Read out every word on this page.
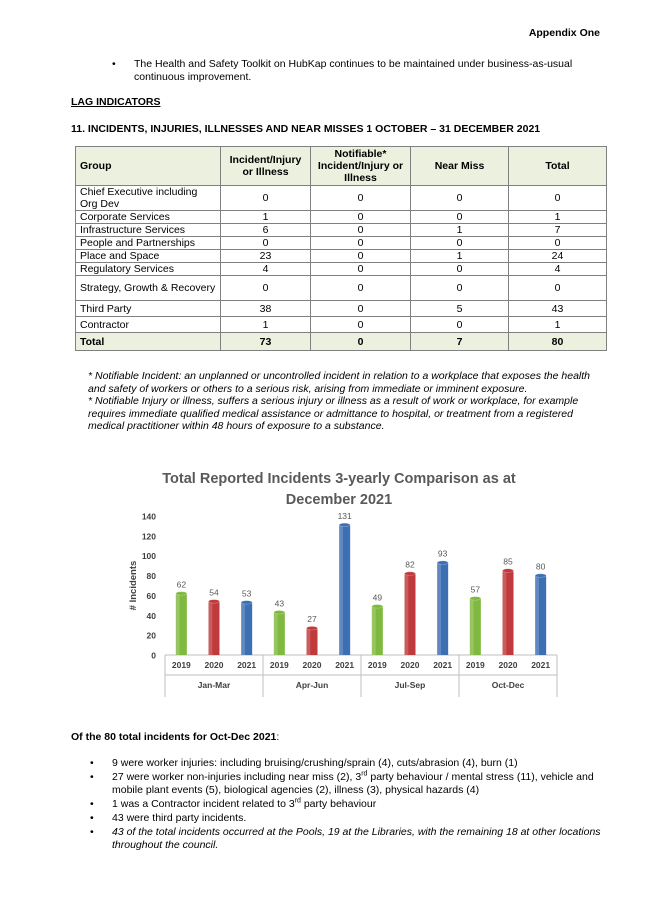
Appendix One
• The Health and Safety Toolkit on HubKap continues to be maintained under business-as-usual continuous improvement.
LAG INDICATORS
11. INCIDENTS, INJURIES, ILLNESSES AND NEAR MISSES 1 OCTOBER – 31 DECEMBER 2021
Group	Incident/Injury or Illness	Notifiable* Incident/Injury or Illness	Near Miss	Total
Chief Executive including Org Dev	0	0	0	0
Corporate Services	1	0	0	1
Infrastructure Services	6	0	1	7
People and Partnerships	0	0	0	0
Place and Space	23	0	1	24
Regulatory Services	4	0	0	4
Strategy, Growth & Recovery	0	0	0	0
Third Party	38	0	5	43
Contractor	1	0	0	1
Total	73	0	7	80

* Notifiable Incident: an unplanned or uncontrolled incident in relation to a workplace that exposes the health and safety of workers or others to a serious risk, arising from immediate or imminent exposure.

* Notifiable Injury or illness, suffers a serious injury or illness as a result of work or workplace, for example requires immediate qualified medical assistance or admittance to hospital, or treatment from a registered medical practitioner within 48 hours of exposure to a substance.

Total Reported Incidents 3-yearly Comparison as at
December 2021
0
20
40
60
80
100
120
140
# Incidents	62
2019
54
2020
53
2021
Jan-Mar
43
2019
27
2020
131
2021
Apr-Jun
49
2019
82
2020
93
2021
Jul-Sep
57
2019
85
2020
80
2021
Oct-Dec
Of the 80 total incidents for Oct-Dec 2021:
• 9 were worker injuries: including bruising/crushing/sprain (4), cuts/abrasion (4), burn (1)
• 27 were worker non-injuries including near miss (2), 3rd party behaviour / mental stress (11), vehicle and mobile plant events (5), biological agencies (2), illness (3), physical hazards (4)
• 1 was a Contractor incident related to 3rd party behaviour
• 43 were third party incidents.
• 43 of the total incidents occurred at the Pools, 19 at the Libraries, with the remaining 18 at other locations throughout the council.
